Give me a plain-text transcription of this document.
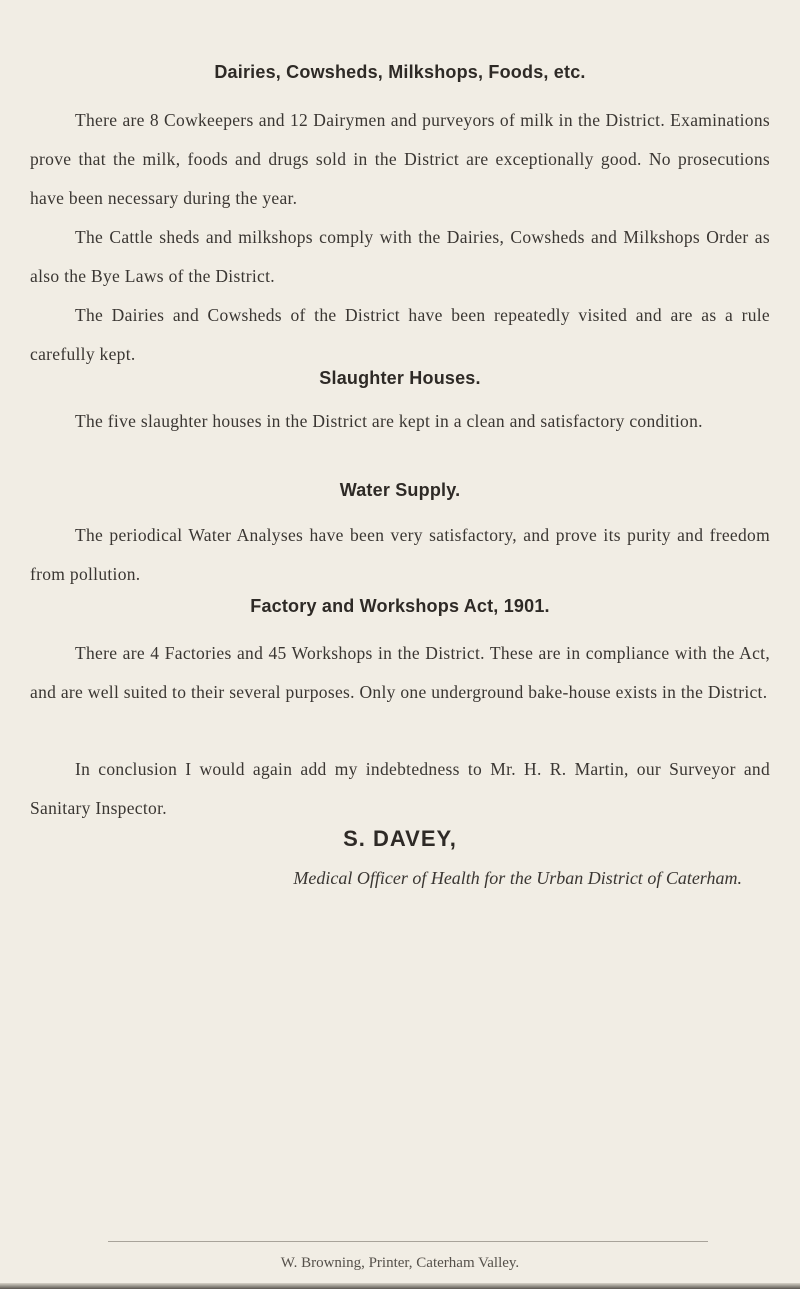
Dairies, Cowsheds, Milkshops, Foods, etc.

There are 8 Cowkeepers and 12 Dairymen and purveyors of milk in the District. Examinations prove that the milk, foods and drugs sold in the District are exceptionally good. No prosecutions have been necessary during the year.

The Cattle sheds and milkshops comply with the Dairies, Cowsheds and Milkshops Order as also the Bye Laws of the District.

The Dairies and Cowsheds of the District have been repeatedly visited and are as a rule carefully kept.

Slaughter Houses.

The five slaughter houses in the District are kept in a clean and satisfactory condition.

Water Supply.

The periodical Water Analyses have been very satisfactory, and prove its purity and freedom from pollution.

Factory and Workshops Act, 1901.

There are 4 Factories and 45 Workshops in the District. These are in compliance with the Act, and are well suited to their several purposes. Only one underground bake-house exists in the District.

In conclusion I would again add my indebtedness to Mr. H. R. Martin, our Surveyor and Sanitary Inspector.

S. DAVEY,
Medical Officer of Health for the Urban District of Caterham.
W. Browning, Printer, Caterham Valley.
